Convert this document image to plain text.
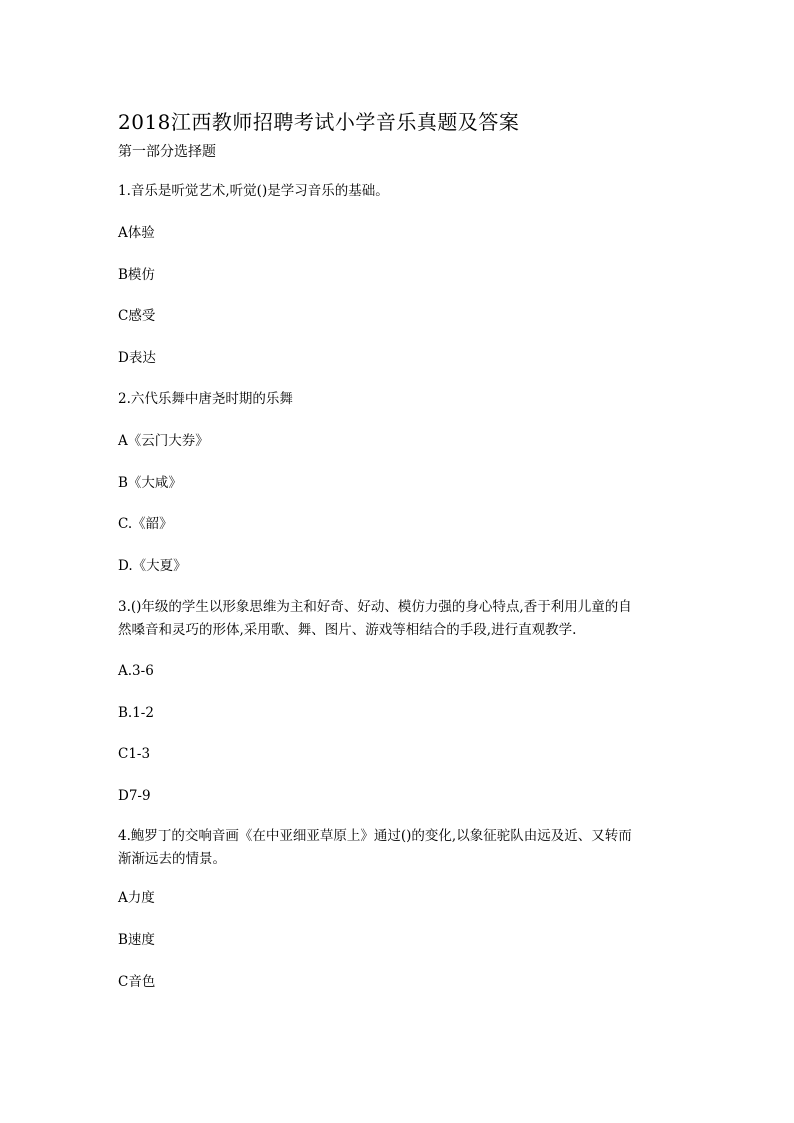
2018江西教师招聘考试小学音乐真题及答案
第一部分选择题
1.音乐是听觉艺术,听觉()是学习音乐的基础。
A体验
B模仿
C感受
D表达
2.六代乐舞中唐尧时期的乐舞
A《云门大券》
B《大咸》
C.《韶》
D.《大夏》
3.()年级的学生以形象思维为主和好奇、好动、模仿力强的身心特点,香于利用儿童的自
然嗓音和灵巧的形体,采用歌、舞、图片、游戏等相结合的手段,进行直观教学.
A.3-6
B.1-2
C1-3
D7-9
4.鲍罗丁的交响音画《在中亚细亚草原上》通过()的变化,以象征驼队由远及近、又转而
渐渐远去的情景。
A力度
B速度
C音色
